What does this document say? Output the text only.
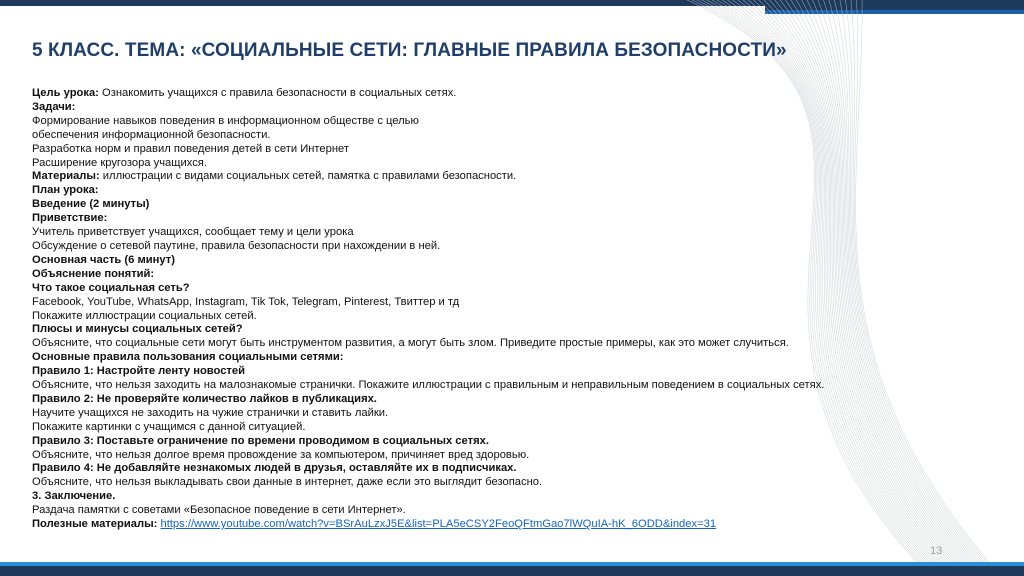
5 КЛАСС. ТЕМА: «СОЦИАЛЬНЫЕ СЕТИ: ГЛАВНЫЕ ПРАВИЛА БЕЗОПАСНОСТИ»
Цель урока: Ознакомить учащихся с правила безопасности в социальных сетях.
Задачи:
Формирование навыков поведения в информационном обществе с целью
обеспечения информационной безопасности.
Разработка норм и правил поведения детей в сети Интернет
Расширение кругозора учащихся.
Материалы: иллюстрации с видами социальных сетей, памятка с правилами безопасности.
План урока:
Введение (2 минуты)
Приветствие:
Учитель приветствует учащихся, сообщает тему и цели урока
Обсуждение о сетевой паутине, правила безопасности при нахождении в ней.
Основная часть (6 минут)
Объяснение понятий:
Что такое социальная сеть?
Facebook, YouTube, WhatsApp, Instagram, Tik Tok, Telegram, Pinterest, Твиттер и тд
Покажите иллюстрации социальных сетей.
Плюсы и минусы социальных сетей?
Объясните, что социальные сети могут быть инструментом развития, а могут быть злом. Приведите простые примеры, как это может случиться.
Основные правила пользования социальными сетями:
Правило 1: Настройте ленту новостей
Объясните, что нельзя заходить на малознакомые странички. Покажите иллюстрации с правильным и неправильным поведением в социальных сетях.
Правило 2: Не проверяйте количество лайков в публикациях.
Научите учащихся не заходить на чужие странички и ставить лайки.
Покажите картинки с учащимся с данной ситуацией.
Правило 3: Поставьте ограничение по времени проводимом в социальных сетях.
Объясните, что нельзя долгое время провождение за компьютером, причиняет вред здоровью.
Правило 4: Не добавляйте незнакомых людей в друзья, оставляйте их в подписчиках.
Объясните, что нельзя выкладывать свои данные в интернет, даже если это выглядит безопасно.
3. Заключение.
Раздача памятки с советами «Безопасное поведение в сети Интернет».
Полезные материалы: https://www.youtube.com/watch?v=BSrAuLzxJ5E&list=PLA5eCSY2FeoQFtmGao7lWQuIA-hK_6ODD&index=31
13
